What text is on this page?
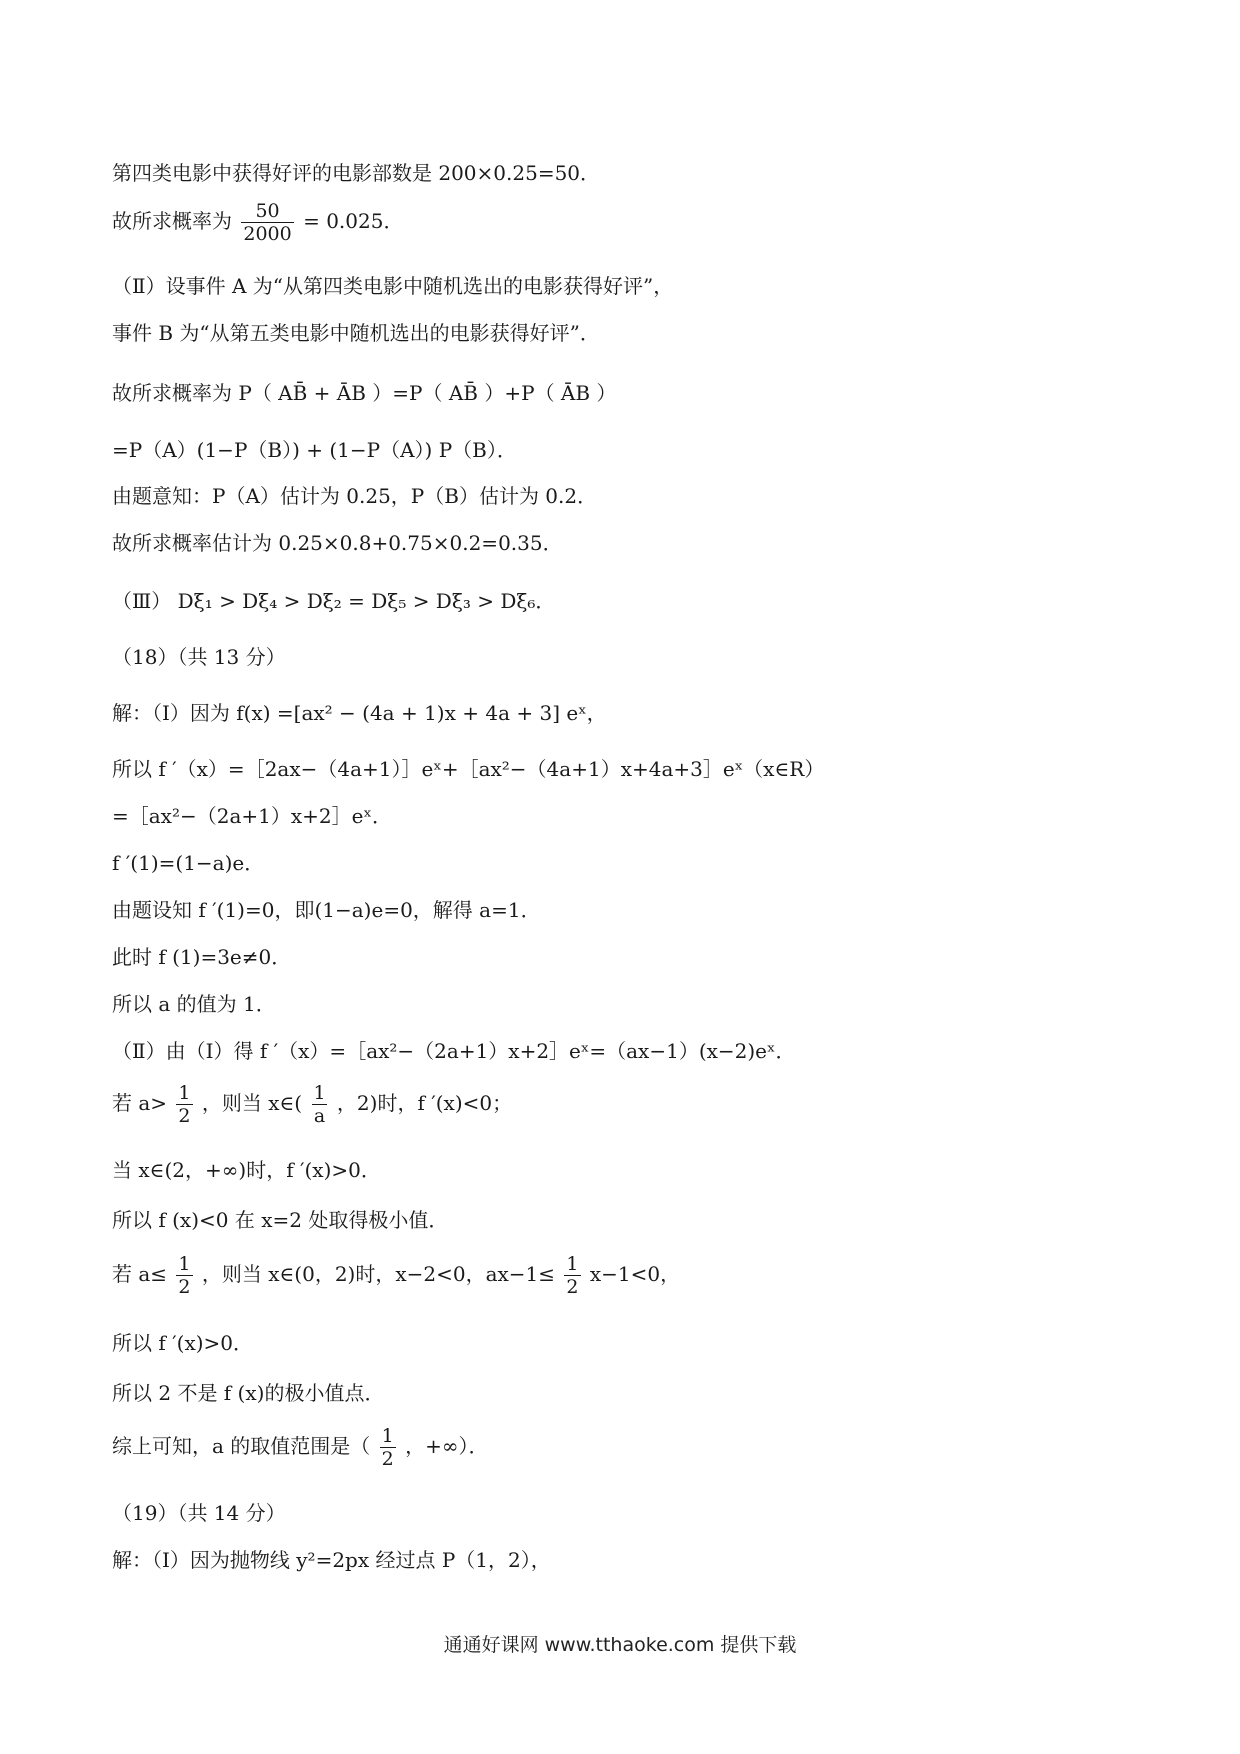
第四类电影中获得好评的电影部数是 200×0.25=50．
故所求概率为 $\frac{50}{2000} = 0.025$．
（Ⅱ）设事件 A 为“从第四类电影中随机选出的电影获得好评”，
事件 B 为“从第五类电影中随机选出的电影获得好评”．
故所求概率为 P（ AB̄ + ĀB ）=P（ AB̄ ）+P（ ĀB ）
=P（A）(1−P（B）) + (1−P（A）) P（B）．
由题意知：P（A）估计为 0.25，P（B）估计为 0.2．
故所求概率估计为 0.25×0.8+0.75×0.2=0.35．
（Ⅲ） Dξ₁ > Dξ₄ > Dξ₂ = Dξ₅ > Dξ₃ > Dξ₆．
（18）（共 13 分）
解：（Ⅰ）因为 f(x) =[ax² − (4a + 1)x + 4a + 3] eˣ，
所以 f ′（x）=［2ax−（4a+1）］eˣ+［ax²−（4a+1）x+4a+3］eˣ（x∈R）
=［ax²−（2a+1）x+2］eˣ．
f ′(1)=(1−a)e．
由题设知 f ′(1)=0，即(1−a)e=0，解得 a=1．
此时 f (1)=3e≠0．
所以 a 的值为 1．
（Ⅱ）由（Ⅰ）得 f ′（x）=［ax²−（2a+1）x+2］eˣ=（ax−1）(x−2)eˣ．
若 $a> \frac{1}{2}$ ，则当 x∈( $\frac{1}{a}$ ，2)时，f ′(x)<0；
当 x∈(2，+∞)时，f ′(x)>0．
所以 f (x)<0 在 x=2 处取得极小值．
若 $a\le \frac{1}{2}$ ，则当 x∈(0，2)时，x−2<0，$ax-1\le \frac{1}{2} x-1<0$，
所以 f ′(x)>0．
所以 2 不是 f (x)的极小值点．
综上可知，a 的取值范围是（ $\frac{1}{2}$ ，+∞）．
（19）（共 14 分）
解：（Ⅰ）因为抛物线 y²=2px 经过点 P（1，2），
通通好课网 www.tthaoke.com 提供下载
